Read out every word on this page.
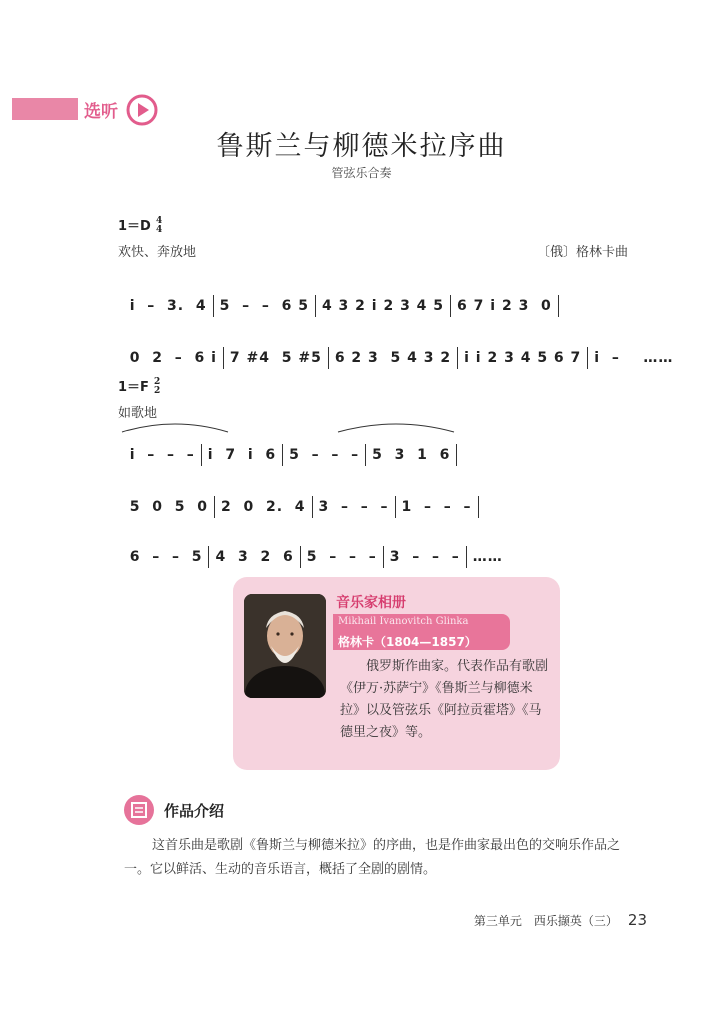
选听
鲁斯兰与柳德米拉序曲
管弦乐合奏
1＝D 4
4
欢快、奔放地	〔俄〕格林卡曲

i  –  3.  4 5  –  –  6 5 4 3 2 i 2 3 4 5 6 7 i 2 3  0

0  2  –  6 i 7 #4  5 #5 6 2 3  5 4 3 2 i i 2 3 4 5 6 7 i  –    ……

1＝F 2
2
如歌地

i  –  –  – i  7  i  6 5  –  –  – 5  3  1  6

5  0  5  0 2  0  2.  4 3  –  –  – 1  –  –  –

6  –  –  5 4  3  2  6 5  –  –  – 3  –  –  – ……

音乐家相册
Mikhail Ivanovitch Glinka
格林卡（1804—1857）
俄罗斯作曲家。代表作品有歌剧《伊万·苏萨宁》《鲁斯兰与柳德米拉》以及管弦乐《阿拉贡霍塔》《马德里之夜》等。
作品介绍
这首乐曲是歌剧《鲁斯兰与柳德米拉》的序曲，也是作曲家最出色的交响乐作品之一。它以鲜活、生动的音乐语言，概括了全剧的剧情。
第三单元　西乐撷英（三） 23
